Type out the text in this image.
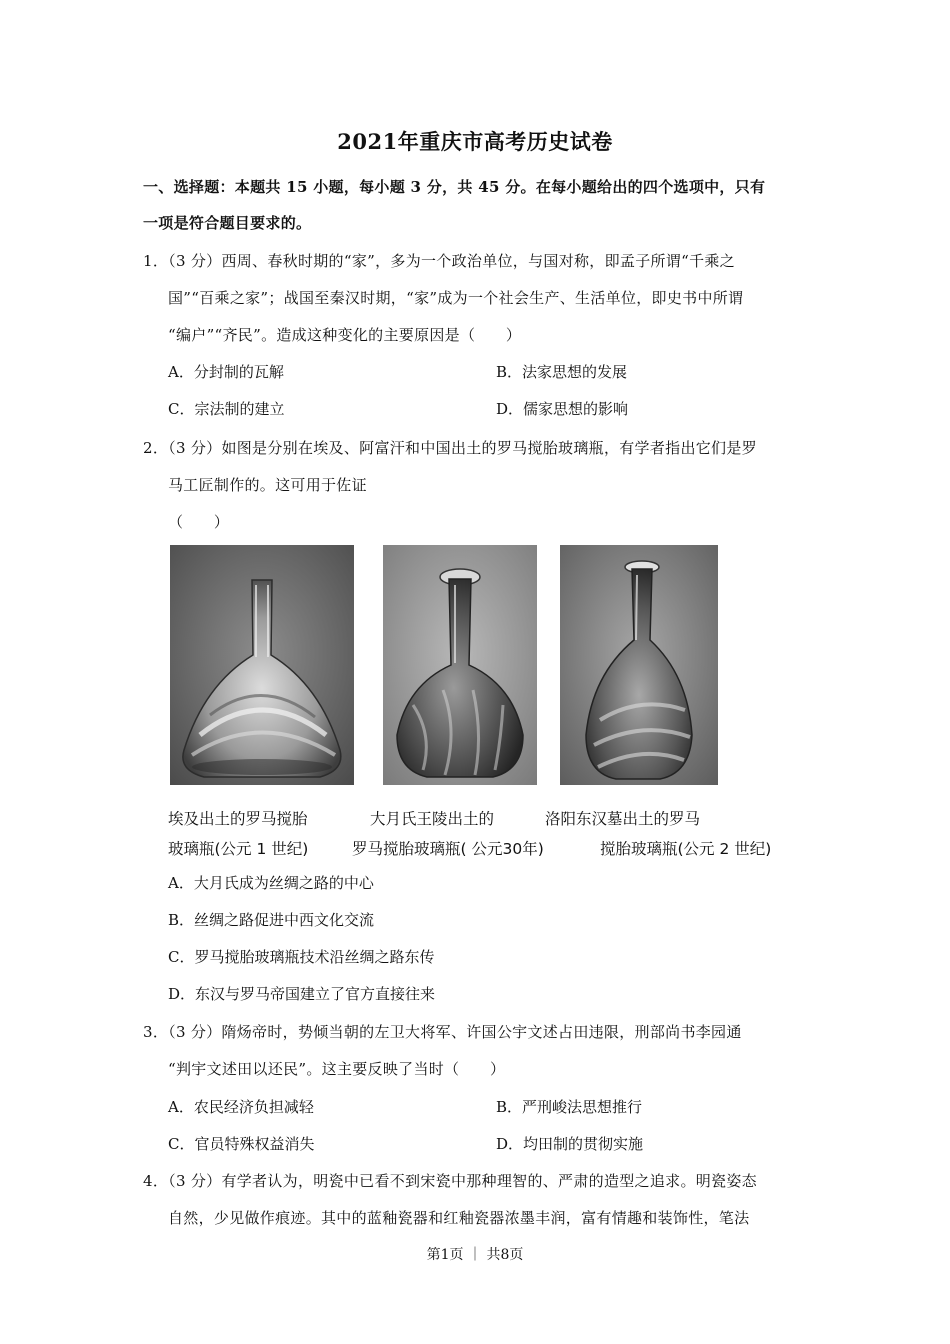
2021年重庆市高考历史试卷
一、选择题：本题共 15 小题，每小题 3 分，共 45 分。在每小题给出的四个选项中，只有
一项是符合题目要求的。
1．（3 分）西周、春秋时期的“家”，多为一个政治单位，与国对称，即孟子所谓“千乘之
国”“百乘之家”；战国至秦汉时期，“家”成为一个社会生产、生活单位，即史书中所谓
“编户”“齐民”。造成这种变化的主要原因是（　　）
A．分封制的瓦解	B．法家思想的发展
C．宗法制的建立	D．儒家思想的影响
2．（3 分）如图是分别在埃及、阿富汗和中国出土的罗马搅胎玻璃瓶，有学者指出它们是罗
马工匠制作的。这可用于佐证
（　　）
埃及出土的罗马搅胎	大月氏王陵出土的	洛阳东汉墓出土的罗马
玻璃瓶(公元 1 世纪)	罗马搅胎玻璃瓶( 公元30年)	搅胎玻璃瓶(公元 2 世纪)
A．大月氏成为丝绸之路的中心
B．丝绸之路促进中西文化交流
C．罗马搅胎玻璃瓶技术沿丝绸之路东传
D．东汉与罗马帝国建立了官方直接往来
3．（3 分）隋炀帝时，势倾当朝的左卫大将军、许国公宇文述占田违限，刑部尚书李园通
“判宇文述田以还民”。这主要反映了当时（　　）
A．农民经济负担减轻	B．严刑峻法思想推行
C．官员特殊权益消失	D．均田制的贯彻实施
4．（3 分）有学者认为，明瓷中已看不到宋瓷中那种理智的、严肃的造型之追求。明瓷姿态
自然，少见做作痕迹。其中的蓝釉瓷器和红釉瓷器浓墨丰润，富有情趣和装饰性，笔法
第1页 ｜ 共8页
